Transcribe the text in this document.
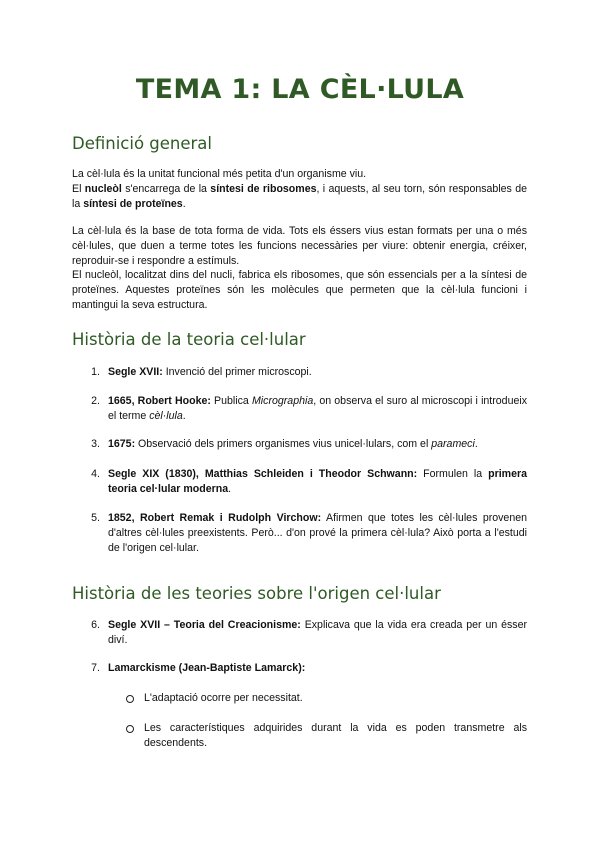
TEMA 1: LA CÈL·LULA
Definició general
La cèl·lula és la unitat funcional més petita d'un organisme viu.
El nucleòl s'encarrega de la síntesi de ribosomes, i aquests, al seu torn, són responsables de la síntesi de proteïnes.

La cèl·lula és la base de tota forma de vida. Tots els éssers vius estan formats per una o més cèl·lules, que duen a terme totes les funcions necessàries per viure: obtenir energia, créixer, reproduir-se i respondre a estímuls.

El nucleòl, localitzat dins del nucli, fabrica els ribosomes, que són essencials per a la síntesi de proteïnes. Aquestes proteïnes són les molècules que permeten que la cèl·lula funcioni i mantingui la seva estructura.

Història de la teoria cel·lular
1. Segle XVII: Invenció del primer microscopi.
2. 1665, Robert Hooke: Publica Micrographia, on observa el suro al microscopi i introdueix el terme cèl·lula.
3. 1675: Observació dels primers organismes vius unicel·lulars, com el parameci.
4. Segle XIX (1830), Matthias Schleiden i Theodor Schwann: Formulen la primera teoria cel·lular moderna.
5. 1852, Robert Remak i Rudolph Virchow: Afirmen que totes les cèl·lules provenen d'altres cèl·lules preexistents. Però... d'on prové la primera cèl·lula? Això porta a l'estudi de l'origen cel·lular.
Història de les teories sobre l'origen cel·lular
6. Segle XVII – Teoria del Creacionisme: Explicava que la vida era creada per un ésser diví.
7. Lamarckisme (Jean-Baptiste Lamarck):
L'adaptació ocorre per necessitat.
Les característiques adquirides durant la vida es poden transmetre als descendents.
